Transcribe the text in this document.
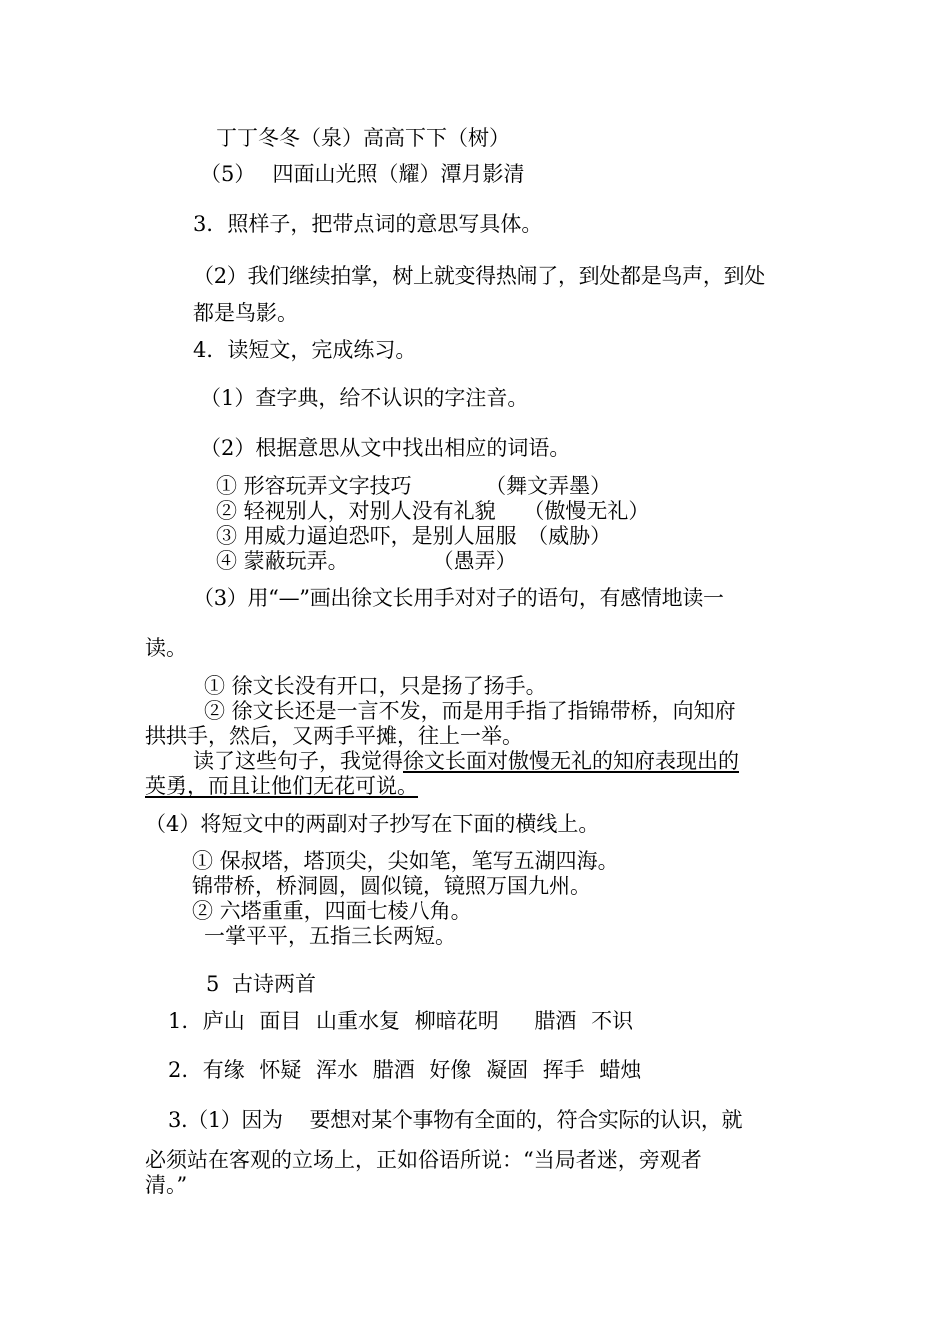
丁丁冬冬（泉）高高下下（树）
（5）　 四面山光照（耀）潭月影清
3．照样子，把带点词的意思写具体。
（2）我们继续拍掌，树上就变得热闹了，到处都是鸟声，到处
都是鸟影。
4．读短文，完成练习。
（1）查字典，给不认识的字注音。
（2）根据意思从文中找出相应的词语。
① 形容玩弄文字技巧　　　　（舞文弄墨）
② 轻视别人，对别人没有礼貌　 （傲慢无礼）
③ 用威力逼迫恐吓，是别人屈服　（威胁）
④ 蒙蔽玩弄。　　　　　（愚弄）
（3）用“—”画出徐文长用手对对子的语句，有感情地读一
读。
① 徐文长没有开口，只是扬了扬手。
② 徐文长还是一言不发，而是用手指了指锦带桥，向知府
拱拱手，然后，又两手平摊，往上一举。
读了这些句子，我觉得徐文长面对傲慢无礼的知府表现出的
英勇，而且让他们无花可说。
（4）将短文中的两副对子抄写在下面的横线上。
① 保叔塔，塔顶尖，尖如笔，笔写五湖四海。
锦带桥，桥洞圆，圆似镜，镜照万国九州。
② 六塔重重，四面七棱八角。
一掌平平，五指三长两短。
5 古诗两首
1. 庐山 面目 山重水复 柳暗花明 　腊酒 不识
2. 有缘 怀疑 浑水 腊酒 好像 凝固 挥手 蜡烛
3.（1）因为　 要想对某个事物有全面的，符合实际的认识，就
必须站在客观的立场上，正如俗语所说：“当局者迷，旁观者
清。”
